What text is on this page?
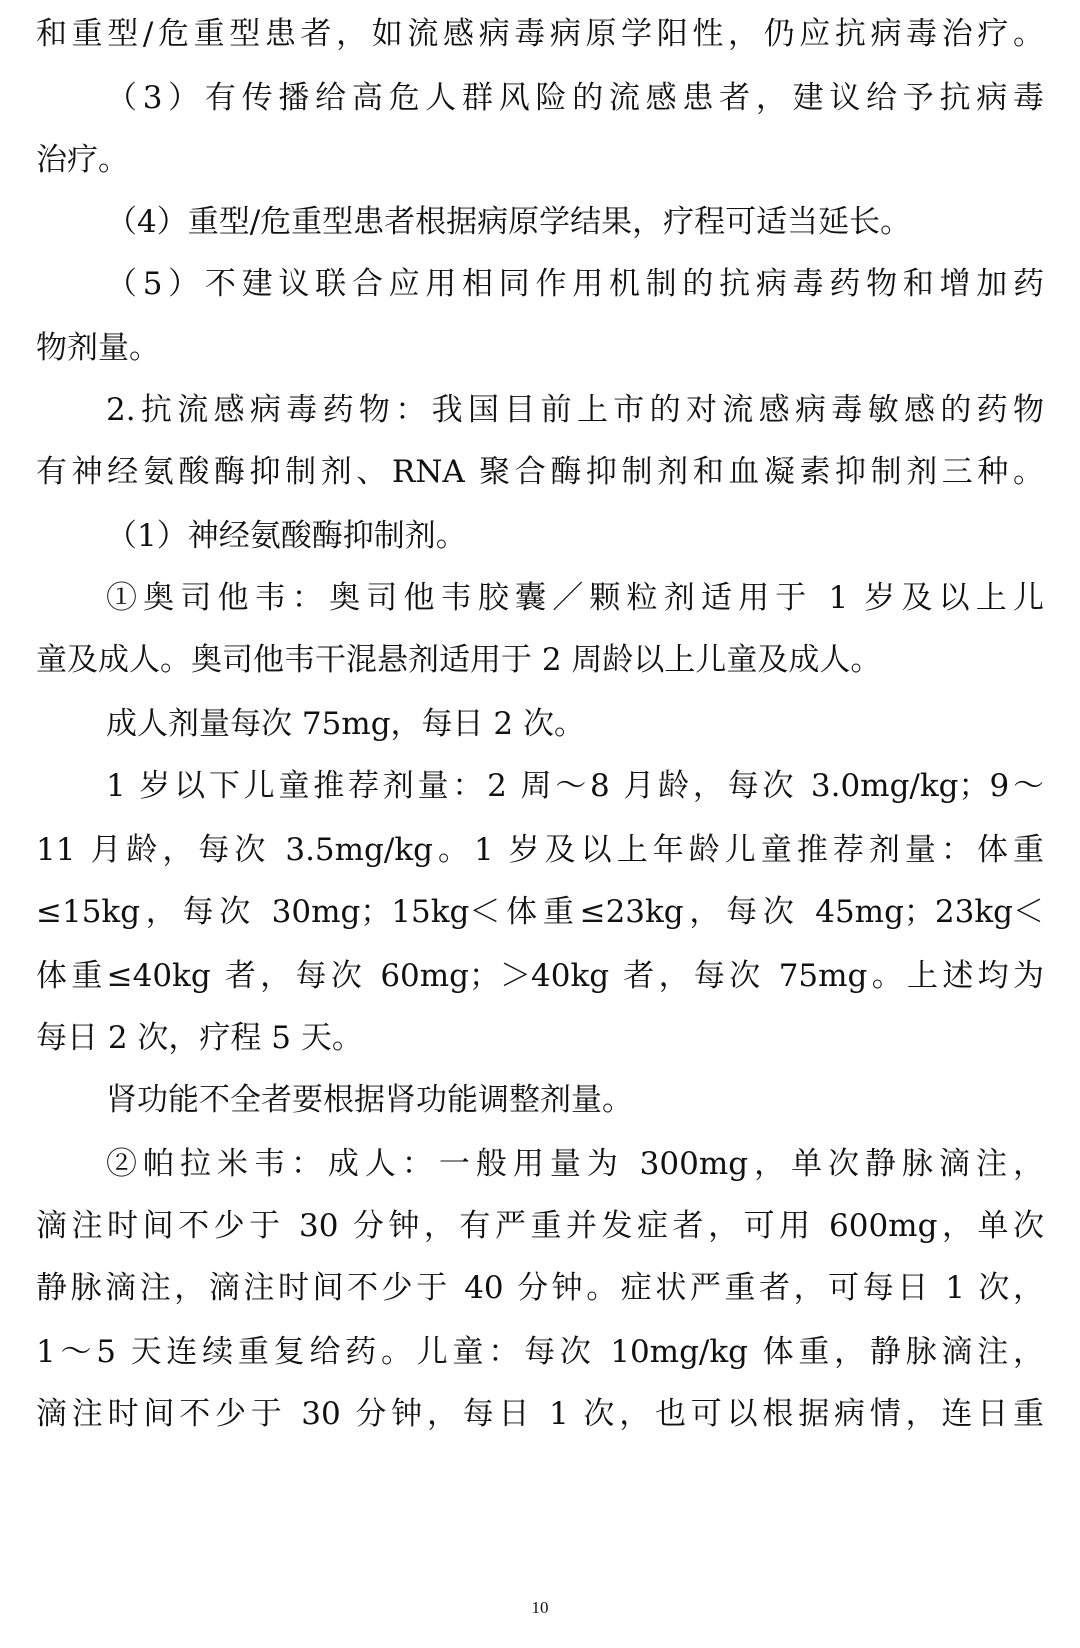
和重型/危重型患者，如流感病毒病原学阳性，仍应抗病毒治疗。
（3）有传播给高危人群风险的流感患者，建议给予抗病毒
治疗。
（4）重型/危重型患者根据病原学结果，疗程可适当延长。
（5）不建议联合应用相同作用机制的抗病毒药物和增加药
物剂量。
2.抗流感病毒药物：我国目前上市的对流感病毒敏感的药物
有神经氨酸酶抑制剂、RNA 聚合酶抑制剂和血凝素抑制剂三种。
（1）神经氨酸酶抑制剂。
①奥司他韦：奥司他韦胶囊／颗粒剂适用于 1 岁及以上儿
童及成人。奥司他韦干混悬剂适用于 2 周龄以上儿童及成人。
成人剂量每次 75mg，每日 2 次。
1 岁以下儿童推荐剂量：2 周～8 月龄，每次 3.0mg/kg；9～
11 月龄，每次 3.5mg/kg。1 岁及以上年龄儿童推荐剂量：体重
≤15kg，每次 30mg；15kg＜体重≤23kg，每次 45mg；23kg＜
体重≤40kg 者，每次 60mg；＞40kg 者，每次 75mg。上述均为
每日 2 次，疗程 5 天。
肾功能不全者要根据肾功能调整剂量。
②帕拉米韦：成人：一般用量为 300mg，单次静脉滴注，
滴注时间不少于 30 分钟，有严重并发症者，可用 600mg，单次
静脉滴注，滴注时间不少于 40 分钟。症状严重者，可每日 1 次，
1～5 天连续重复给药。儿童：每次 10mg/kg 体重，静脉滴注，
滴注时间不少于 30 分钟，每日 1 次，也可以根据病情，连日重
10
